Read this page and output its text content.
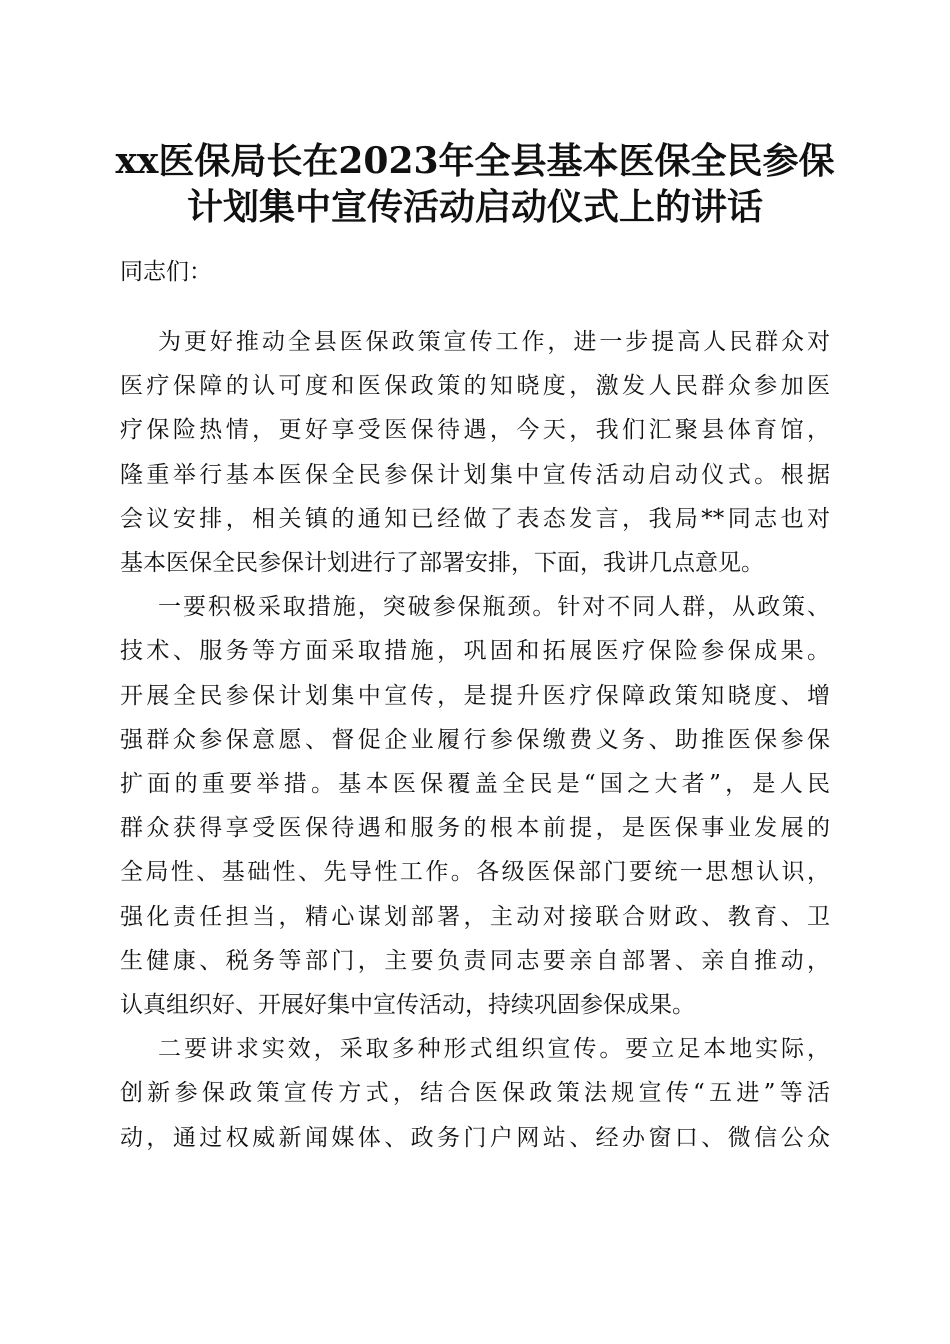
xx医保局长在2023年全县基本医保全民参保
计划集中宣传活动启动仪式上的讲话

同志们：

为更好推动全县医保政策宣传工作，进一步提高人民群众对

医疗保障的认可度和医保政策的知晓度，激发人民群众参加医

疗保险热情，更好享受医保待遇，今天，我们汇聚县体育馆，

隆重举行基本医保全民参保计划集中宣传活动启动仪式。根据

会议安排，相关镇的通知已经做了表态发言，我局**同志也对

基本医保全民参保计划进行了部署安排，下面，我讲几点意见。

一要积极采取措施，突破参保瓶颈。针对不同人群，从政策、

技术、服务等方面采取措施，巩固和拓展医疗保险参保成果。

开展全民参保计划集中宣传，是提升医疗保障政策知晓度、增

强群众参保意愿、督促企业履行参保缴费义务、助推医保参保

扩面的重要举措。基本医保覆盖全民是“国之大者”，是人民

群众获得享受医保待遇和服务的根本前提，是医保事业发展的

全局性、基础性、先导性工作。各级医保部门要统一思想认识，

强化责任担当，精心谋划部署，主动对接联合财政、教育、卫

生健康、税务等部门，主要负责同志要亲自部署、亲自推动，

认真组织好、开展好集中宣传活动，持续巩固参保成果。

二要讲求实效，采取多种形式组织宣传。要立足本地实际，

创新参保政策宣传方式，结合医保政策法规宣传“五进”等活

动，通过权威新闻媒体、政务门户网站、经办窗口、微信公众
